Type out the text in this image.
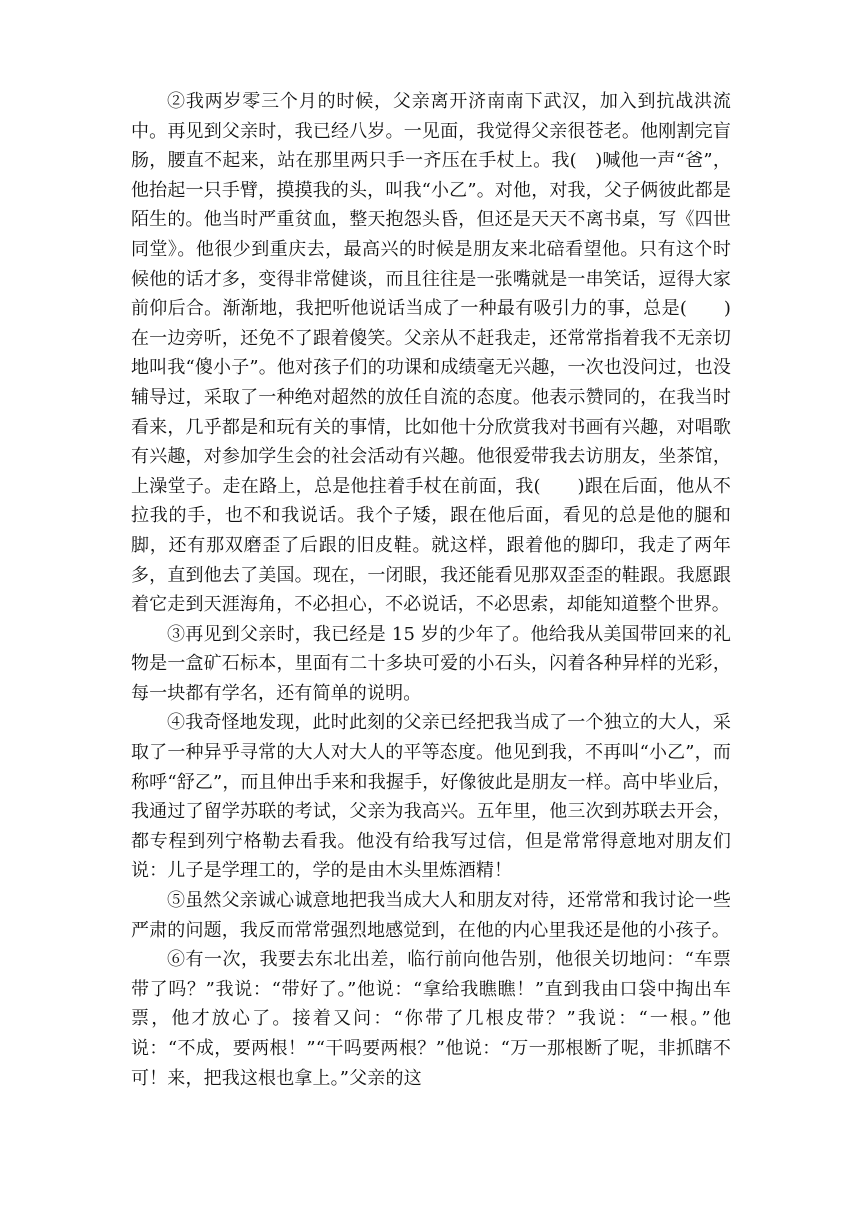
②我两岁零三个月的时候，父亲离开济南南下武汉，加入到抗战洪流中。再见到父亲时，我已经八岁。一见面，我觉得父亲很苍老。他刚割完盲肠，腰直不起来，站在那里两只手一齐压在手杖上。我(　)喊他一声“爸”，他抬起一只手臂，摸摸我的头，叫我“小乙”。对他，对我，父子俩彼此都是陌生的。他当时严重贫血，整天抱怨头昏，但还是天天不离书桌，写《四世同堂》。他很少到重庆去，最高兴的时候是朋友来北碚看望他。只有这个时候他的话才多，变得非常健谈，而且往往是一张嘴就是一串笑话，逗得大家前仰后合。渐渐地，我把听他说话当成了一种最有吸引力的事，总是(　　)在一边旁听，还免不了跟着傻笑。父亲从不赶我走，还常常指着我不无亲切地叫我“傻小子”。他对孩子们的功课和成绩毫无兴趣，一次也没问过，也没辅导过，采取了一种绝对超然的放任自流的态度。他表示赞同的，在我当时看来，几乎都是和玩有关的事情，比如他十分欣赏我对书画有兴趣，对唱歌有兴趣，对参加学生会的社会活动有兴趣。他很爱带我去访朋友，坐茶馆，上澡堂子。走在路上，总是他拄着手杖在前面，我(　　)跟在后面，他从不拉我的手，也不和我说话。我个子矮，跟在他后面，看见的总是他的腿和脚，还有那双磨歪了后跟的旧皮鞋。就这样，跟着他的脚印，我走了两年多，直到他去了美国。现在，一闭眼，我还能看见那双歪歪的鞋跟。我愿跟着它走到天涯海角，不必担心，不必说话，不必思索，却能知道整个世界。

③再见到父亲时，我已经是 15 岁的少年了。他给我从美国带回来的礼物是一盒矿石标本，里面有二十多块可爱的小石头，闪着各种异样的光彩，每一块都有学名，还有简单的说明。

④我奇怪地发现，此时此刻的父亲已经把我当成了一个独立的大人，采取了一种异乎寻常的大人对大人的平等态度。他见到我，不再叫“小乙”，而称呼“舒乙”，而且伸出手来和我握手，好像彼此是朋友一样。高中毕业后，我通过了留学苏联的考试，父亲为我高兴。五年里，他三次到苏联去开会，都专程到列宁格勒去看我。他没有给我写过信，但是常常得意地对朋友们说：儿子是学理工的，学的是由木头里炼酒精！

⑤虽然父亲诚心诚意地把我当成大人和朋友对待，还常常和我讨论一些严肃的问题，我反而常常强烈地感觉到，在他的内心里我还是他的小孩子。

⑥有一次，我要去东北出差，临行前向他告别，他很关切地问：“车票带了吗？”我说：“带好了。”他说：“拿给我瞧瞧！”直到我由口袋中掏出车票，他才放心了。接着又问：“你带了几根皮带？”我说：“一根。”他说：“不成，要两根！”“干吗要两根？”他说：“万一那根断了呢，非抓瞎不可！来，把我这根也拿上。”父亲的这
